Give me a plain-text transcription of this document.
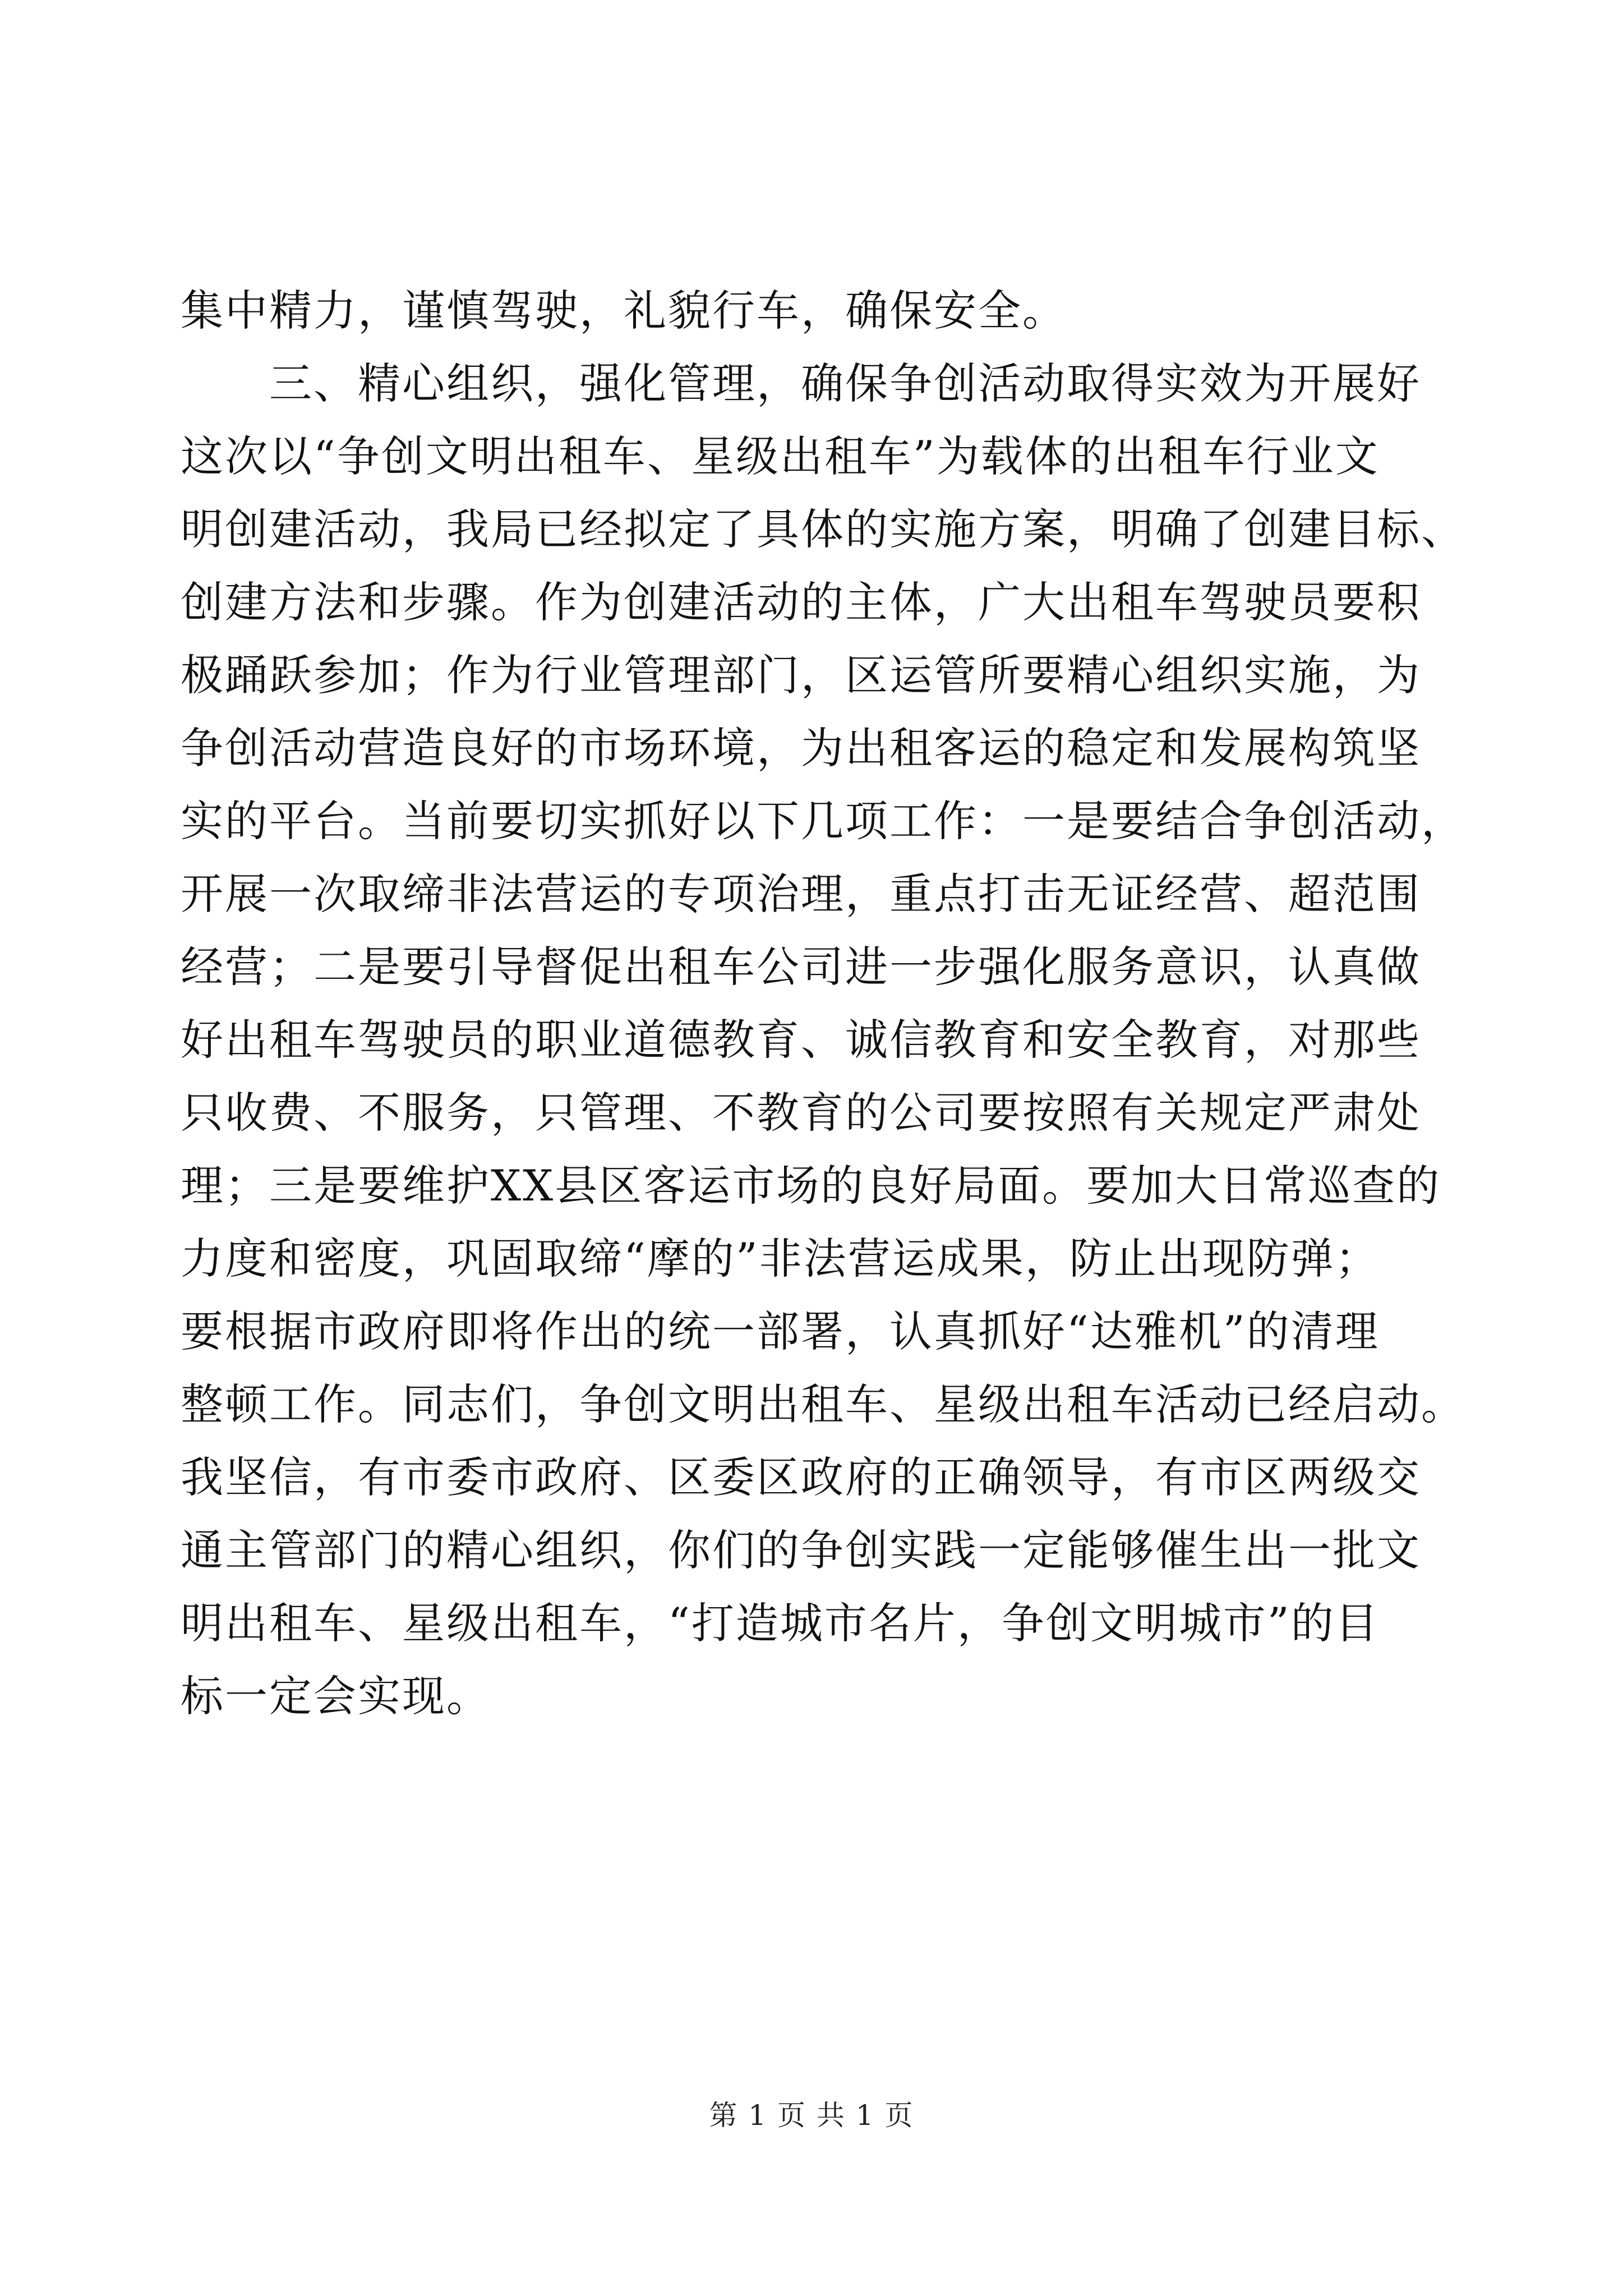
集中精力，谨慎驾驶，礼貌行车，确保安全。
　　三、精心组织，强化管理，确保争创活动取得实效为开展好
这次以“争创文明出租车、星级出租车”为载体的出租车行业文
明创建活动，我局已经拟定了具体的实施方案，明确了创建目标、
创建方法和步骤。作为创建活动的主体，广大出租车驾驶员要积
极踊跃参加；作为行业管理部门，区运管所要精心组织实施，为
争创活动营造良好的市场环境，为出租客运的稳定和发展构筑坚
实的平台。当前要切实抓好以下几项工作：一是要结合争创活动，
开展一次取缔非法营运的专项治理，重点打击无证经营、超范围
经营；二是要引导督促出租车公司进一步强化服务意识，认真做
好出租车驾驶员的职业道德教育、诚信教育和安全教育，对那些
只收费、不服务，只管理、不教育的公司要按照有关规定严肃处
理；三是要维护XX县区客运市场的良好局面。要加大日常巡查的
力度和密度，巩固取缔“摩的”非法营运成果，防止出现防弹；
要根据市政府即将作出的统一部署，认真抓好“达雅机”的清理
整顿工作。同志们，争创文明出租车、星级出租车活动已经启动。
我坚信，有市委市政府、区委区政府的正确领导，有市区两级交
通主管部门的精心组织，你们的争创实践一定能够催生出一批文
明出租车、星级出租车，“打造城市名片，争创文明城市”的目
标一定会实现。
第 1 页 共 1 页
